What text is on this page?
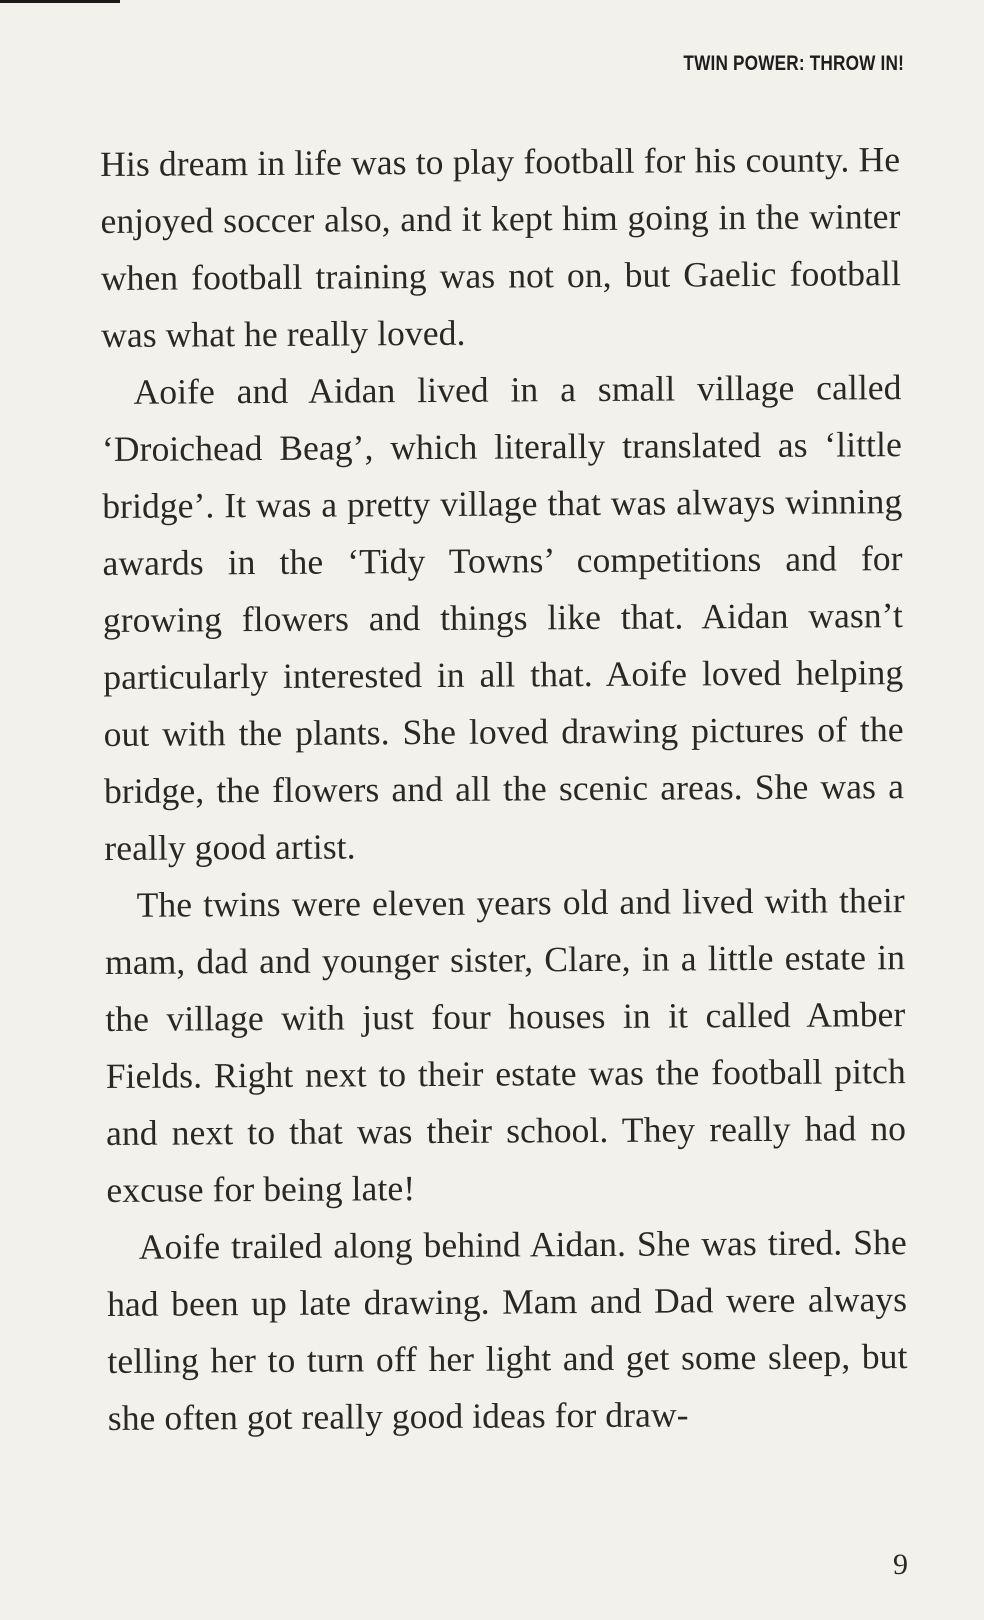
TWIN POWER: THROW IN!

His dream in life was to play football for his county. He enjoyed soccer also, and it kept him going in the winter when football training was not on, but Gaelic football was what he really loved.

Aoife and Aidan lived in a small village called ‘Droichead Beag’, which literally translated as ‘little bridge’. It was a pretty village that was always winning awards in the ‘Tidy Towns’ competitions and for growing flowers and things like that. Aidan wasn’t particularly interested in all that. Aoife loved helping out with the plants. She loved drawing pictures of the bridge, the flowers and all the scenic areas. She was a really good artist.

The twins were eleven years old and lived with their mam, dad and younger sister, Clare, in a little estate in the village with just four houses in it called Amber Fields. Right next to their estate was the football pitch and next to that was their school. They really had no excuse for being late!

Aoife trailed along behind Aidan. She was tired. She had been up late drawing. Mam and Dad were always telling her to turn off her light and get some sleep, but she often got really good ideas for draw-

9
